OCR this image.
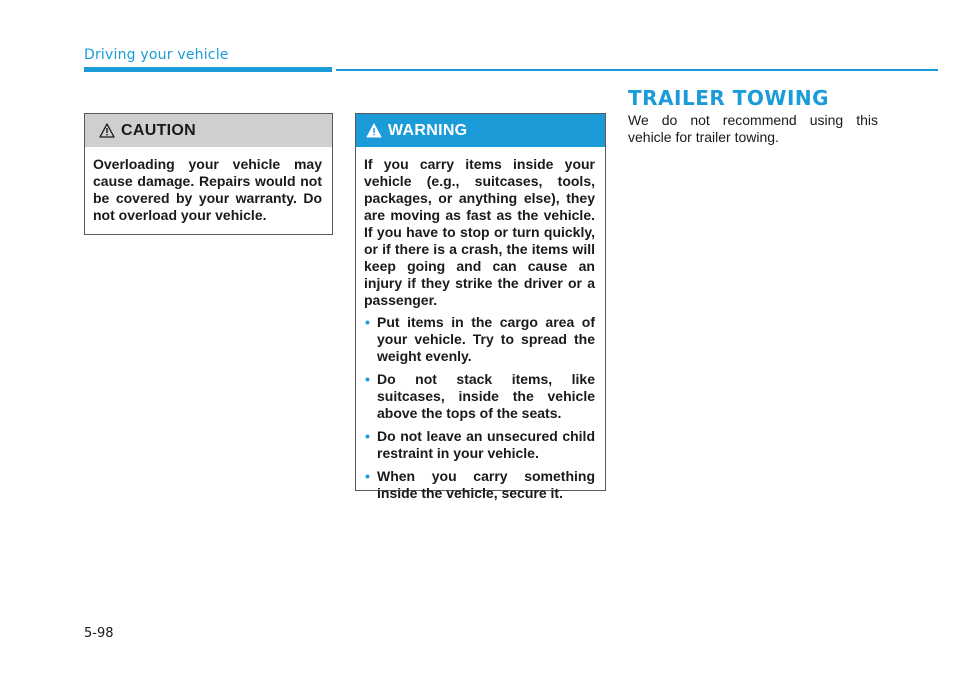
Driving your vehicle
CAUTION
Overloading your vehicle may cause damage. Repairs would not be covered by your warranty. Do not overload your vehicle.
WARNING
If you carry items inside your vehicle (e.g., suitcases, tools, packages, or anything else), they are moving as fast as the vehicle. If you have to stop or turn quickly, or if there is a crash, the items will keep going and can cause an injury if they strike the driver or a passenger.
• Put items in the cargo area of your vehicle. Try to spread the weight evenly.
• Do not stack items, like suitcases, inside the vehicle above the tops of the seats.
• Do not leave an unsecured child restraint in your vehicle.
• When you carry something inside the vehicle, secure it.
TRAILER TOWING

We do not recommend using this vehicle for trailer towing.

5-98
